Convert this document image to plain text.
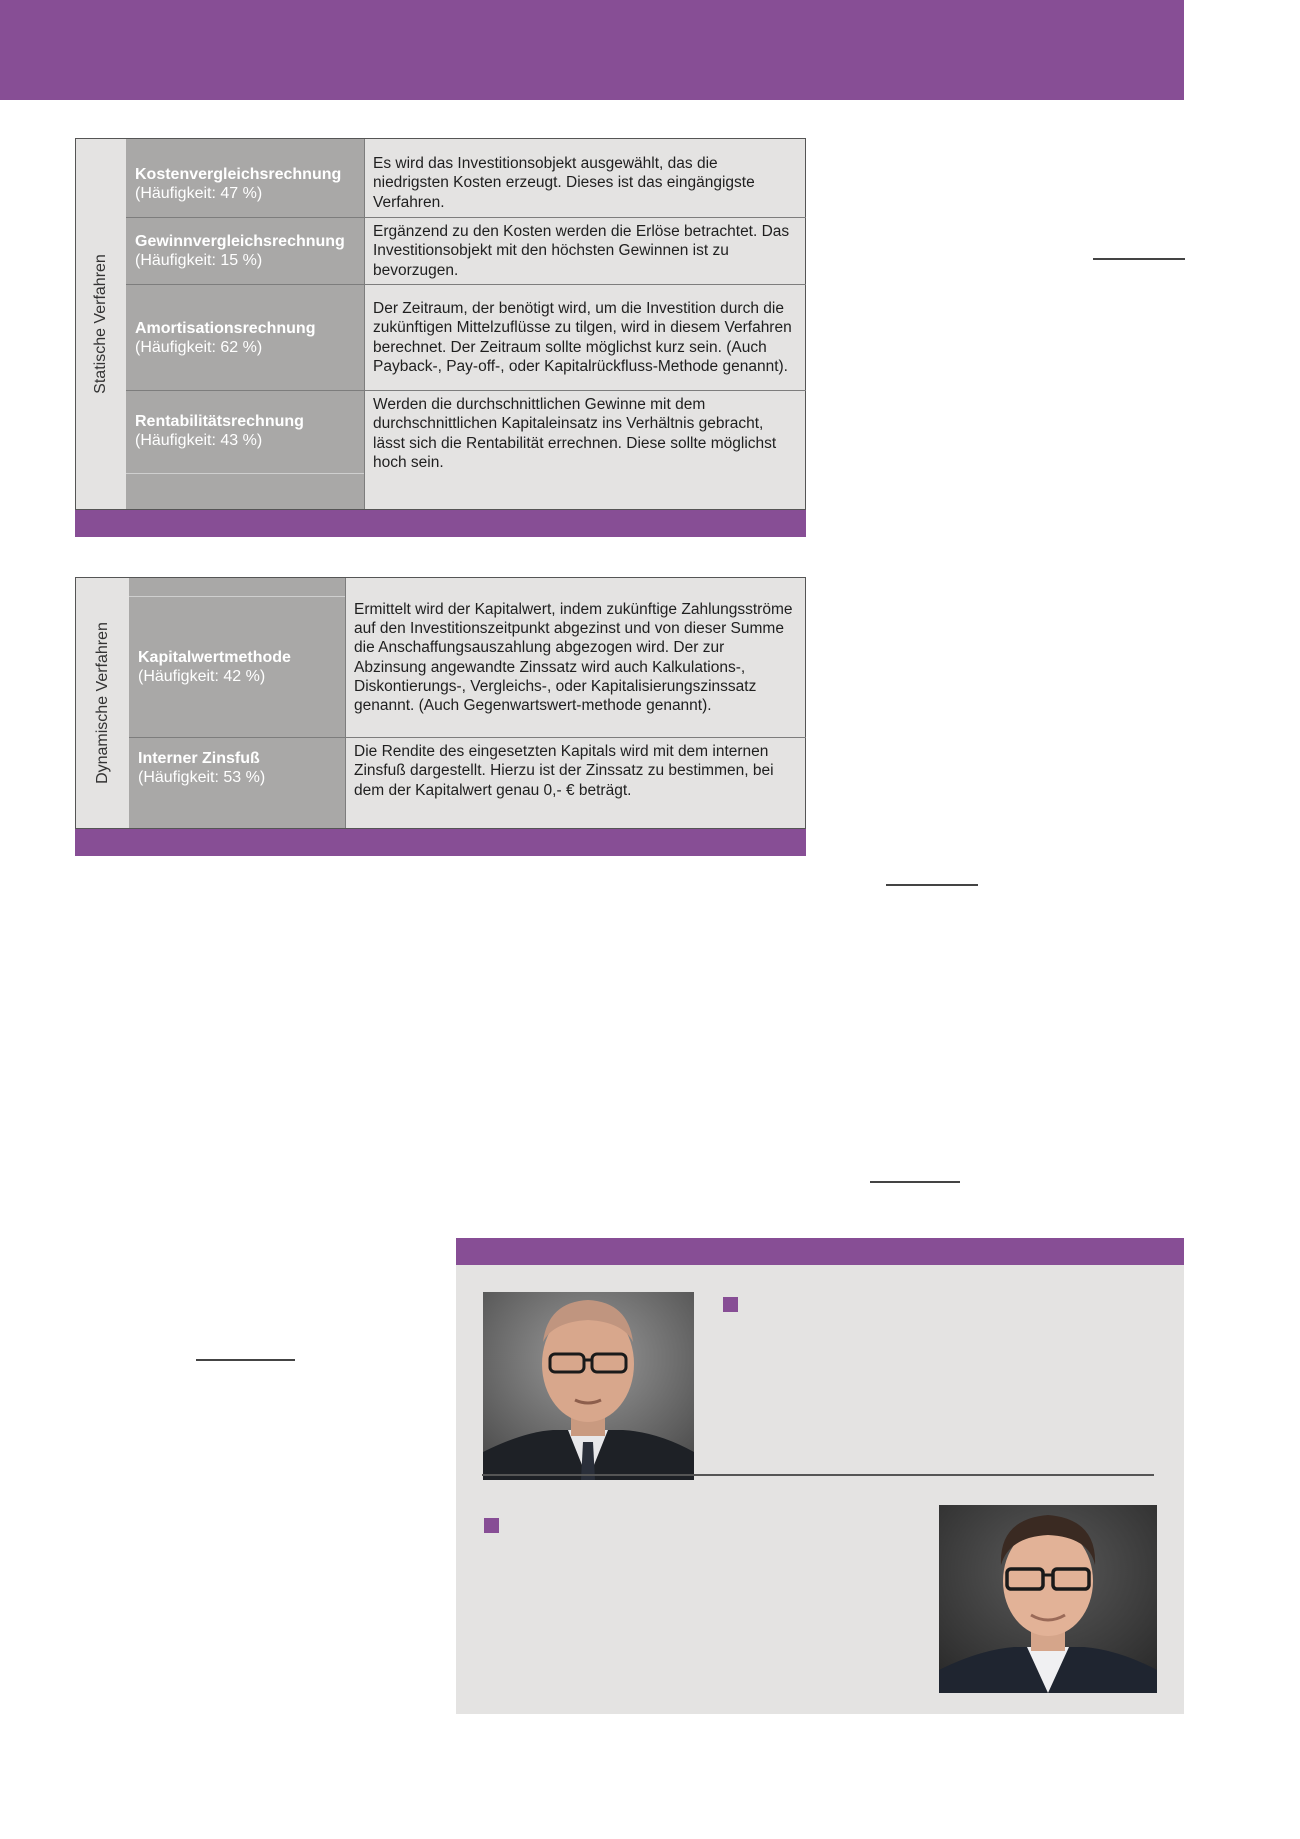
Statische Verfahren
Kostenvergleichsrechnung
(Häufigkeit: 47 %)
Es wird das Investitionsobjekt ausgewählt, das die niedrigsten Kosten erzeugt. Dieses ist das eingängigste Verfahren.
Gewinnvergleichsrechnung
(Häufigkeit: 15 %)
Ergänzend zu den Kosten werden die Erlöse betrachtet. Das Investitionsobjekt mit den höchsten Gewinnen ist zu bevorzugen.
Amortisationsrechnung
(Häufigkeit: 62 %)
Der Zeitraum, der benötigt wird, um die Investition durch die zukünftigen Mittelzuflüsse zu tilgen, wird in diesem Verfahren berechnet. Der Zeitraum sollte möglichst kurz sein. (Auch Payback-, Pay-off-, oder Kapitalrückfluss-Methode genannt).
Rentabilitätsrechnung
(Häufigkeit: 43 %)
Werden die durchschnittlichen Gewinne mit dem durchschnittlichen Kapitaleinsatz ins Verhältnis gebracht, lässt sich die Rentabilität errechnen. Diese sollte möglichst hoch sein.
Dynamische Verfahren Kapitalwertmethode
(Häufigkeit: 42 %)
Ermittelt wird der Kapitalwert, indem zukünftige Zahlungsströme auf den Investitionszeitpunkt abgezinst und von dieser Summe die Anschaffungsauszahlung abgezogen wird. Der zur Abzinsung angewandte Zinssatz wird auch Kalkulations-, Diskontierungs-, Vergleichs-, oder Kapitalisierungszinssatz genannt. (Auch Gegenwartswert-methode genannt).
Interner Zinsfuß
(Häufigkeit: 53 %)
Die Rendite des eingesetzten Kapitals wird mit dem internen Zinsfuß dargestellt. Hierzu ist der Zinssatz zu bestimmen, bei dem der Kapitalwert genau 0,- € beträgt.
